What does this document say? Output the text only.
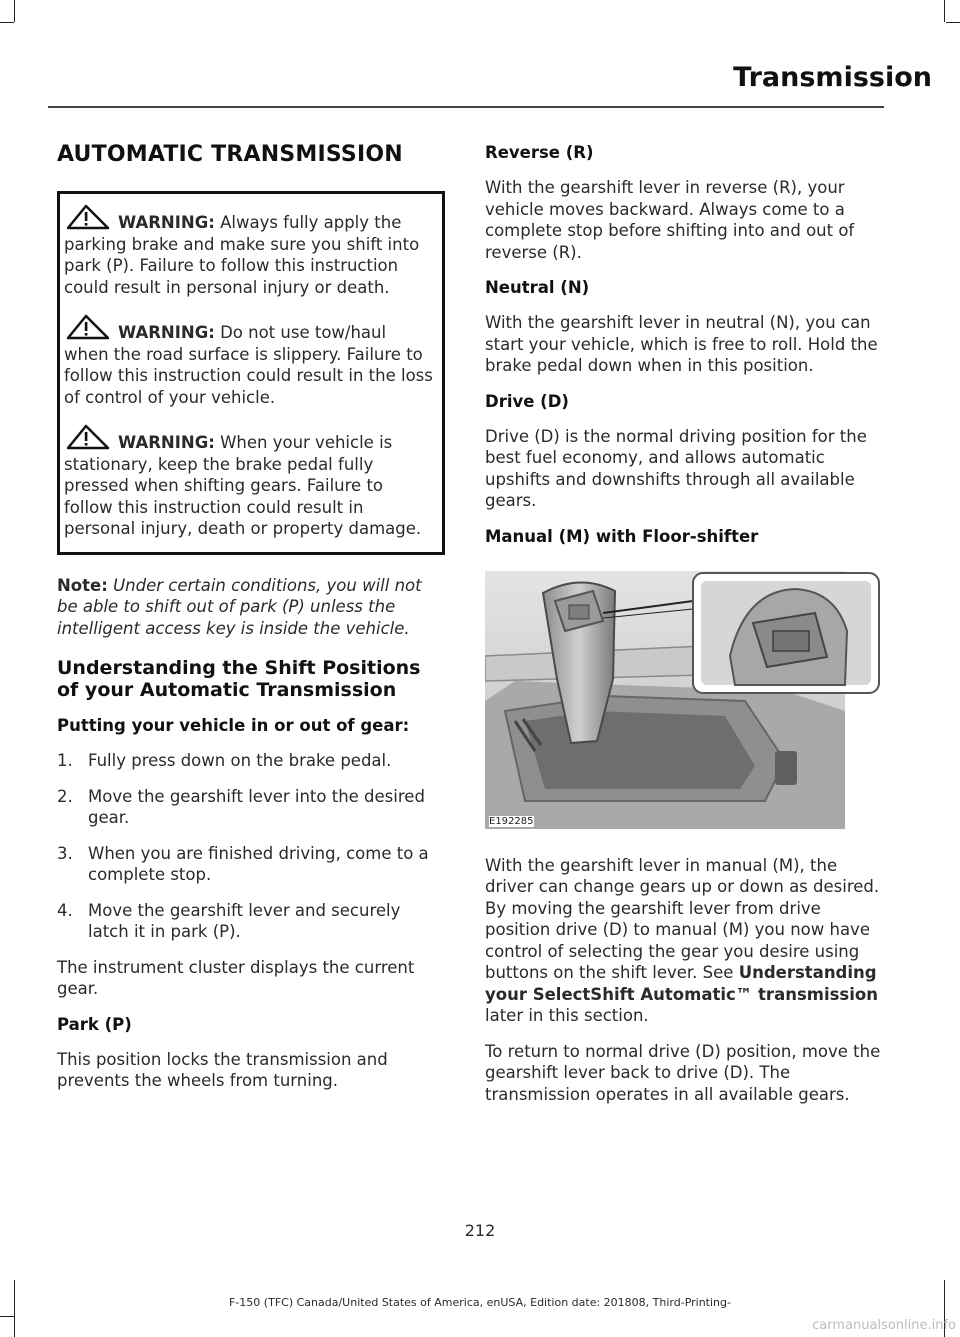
Transmission
AUTOMATIC TRANSMISSION

WARNING: Always fully apply the parking brake and make sure you shift into park (P). Failure to follow this instruction could result in personal injury or death.

WARNING: Do not use tow/haul when the road surface is slippery. Failure to follow this instruction could result in the loss of control of your vehicle.

WARNING: When your vehicle is stationary, keep the brake pedal fully pressed when shifting gears. Failure to follow this instruction could result in personal injury, death or property damage.

Note: Under certain conditions, you will not be able to shift out of park (P) unless the intelligent access key is inside the vehicle.

Understanding the Shift Positions of your Automatic Transmission
Putting your vehicle in or out of gear:
1. Fully press down on the brake pedal.
2. Move the gearshift lever into the desired gear.
3. When you are finished driving, come to a complete stop.
4. Move the gearshift lever and securely latch it in park (P).

The instrument cluster displays the current gear.

Park (P)

This position locks the transmission and prevents the wheels from turning.

Reverse (R)

With the gearshift lever in reverse (R), your vehicle moves backward. Always come to a complete stop before shifting into and out of reverse (R).

Neutral (N)

With the gearshift lever in neutral (N), you can start your vehicle, which is free to roll. Hold the brake pedal down when in this position.

Drive (D)

Drive (D) is the normal driving position for the best fuel economy, and allows automatic upshifts and downshifts through all available gears.

Manual (M) with Floor-shifter
E192285

With the gearshift lever in manual (M), the driver can change gears up or down as desired. By moving the gearshift lever from drive position drive (D) to manual (M) you now have control of selecting the gear you desire using buttons on the shift lever. See Understanding your SelectShift Automatic™ transmission later in this section.

To return to normal drive (D) position, move the gearshift lever back to drive (D). The transmission operates in all available gears.

212
F-150 (TFC) Canada/United States of America, enUSA, Edition date: 201808, Third-Printing-
carmanualsonline.info
